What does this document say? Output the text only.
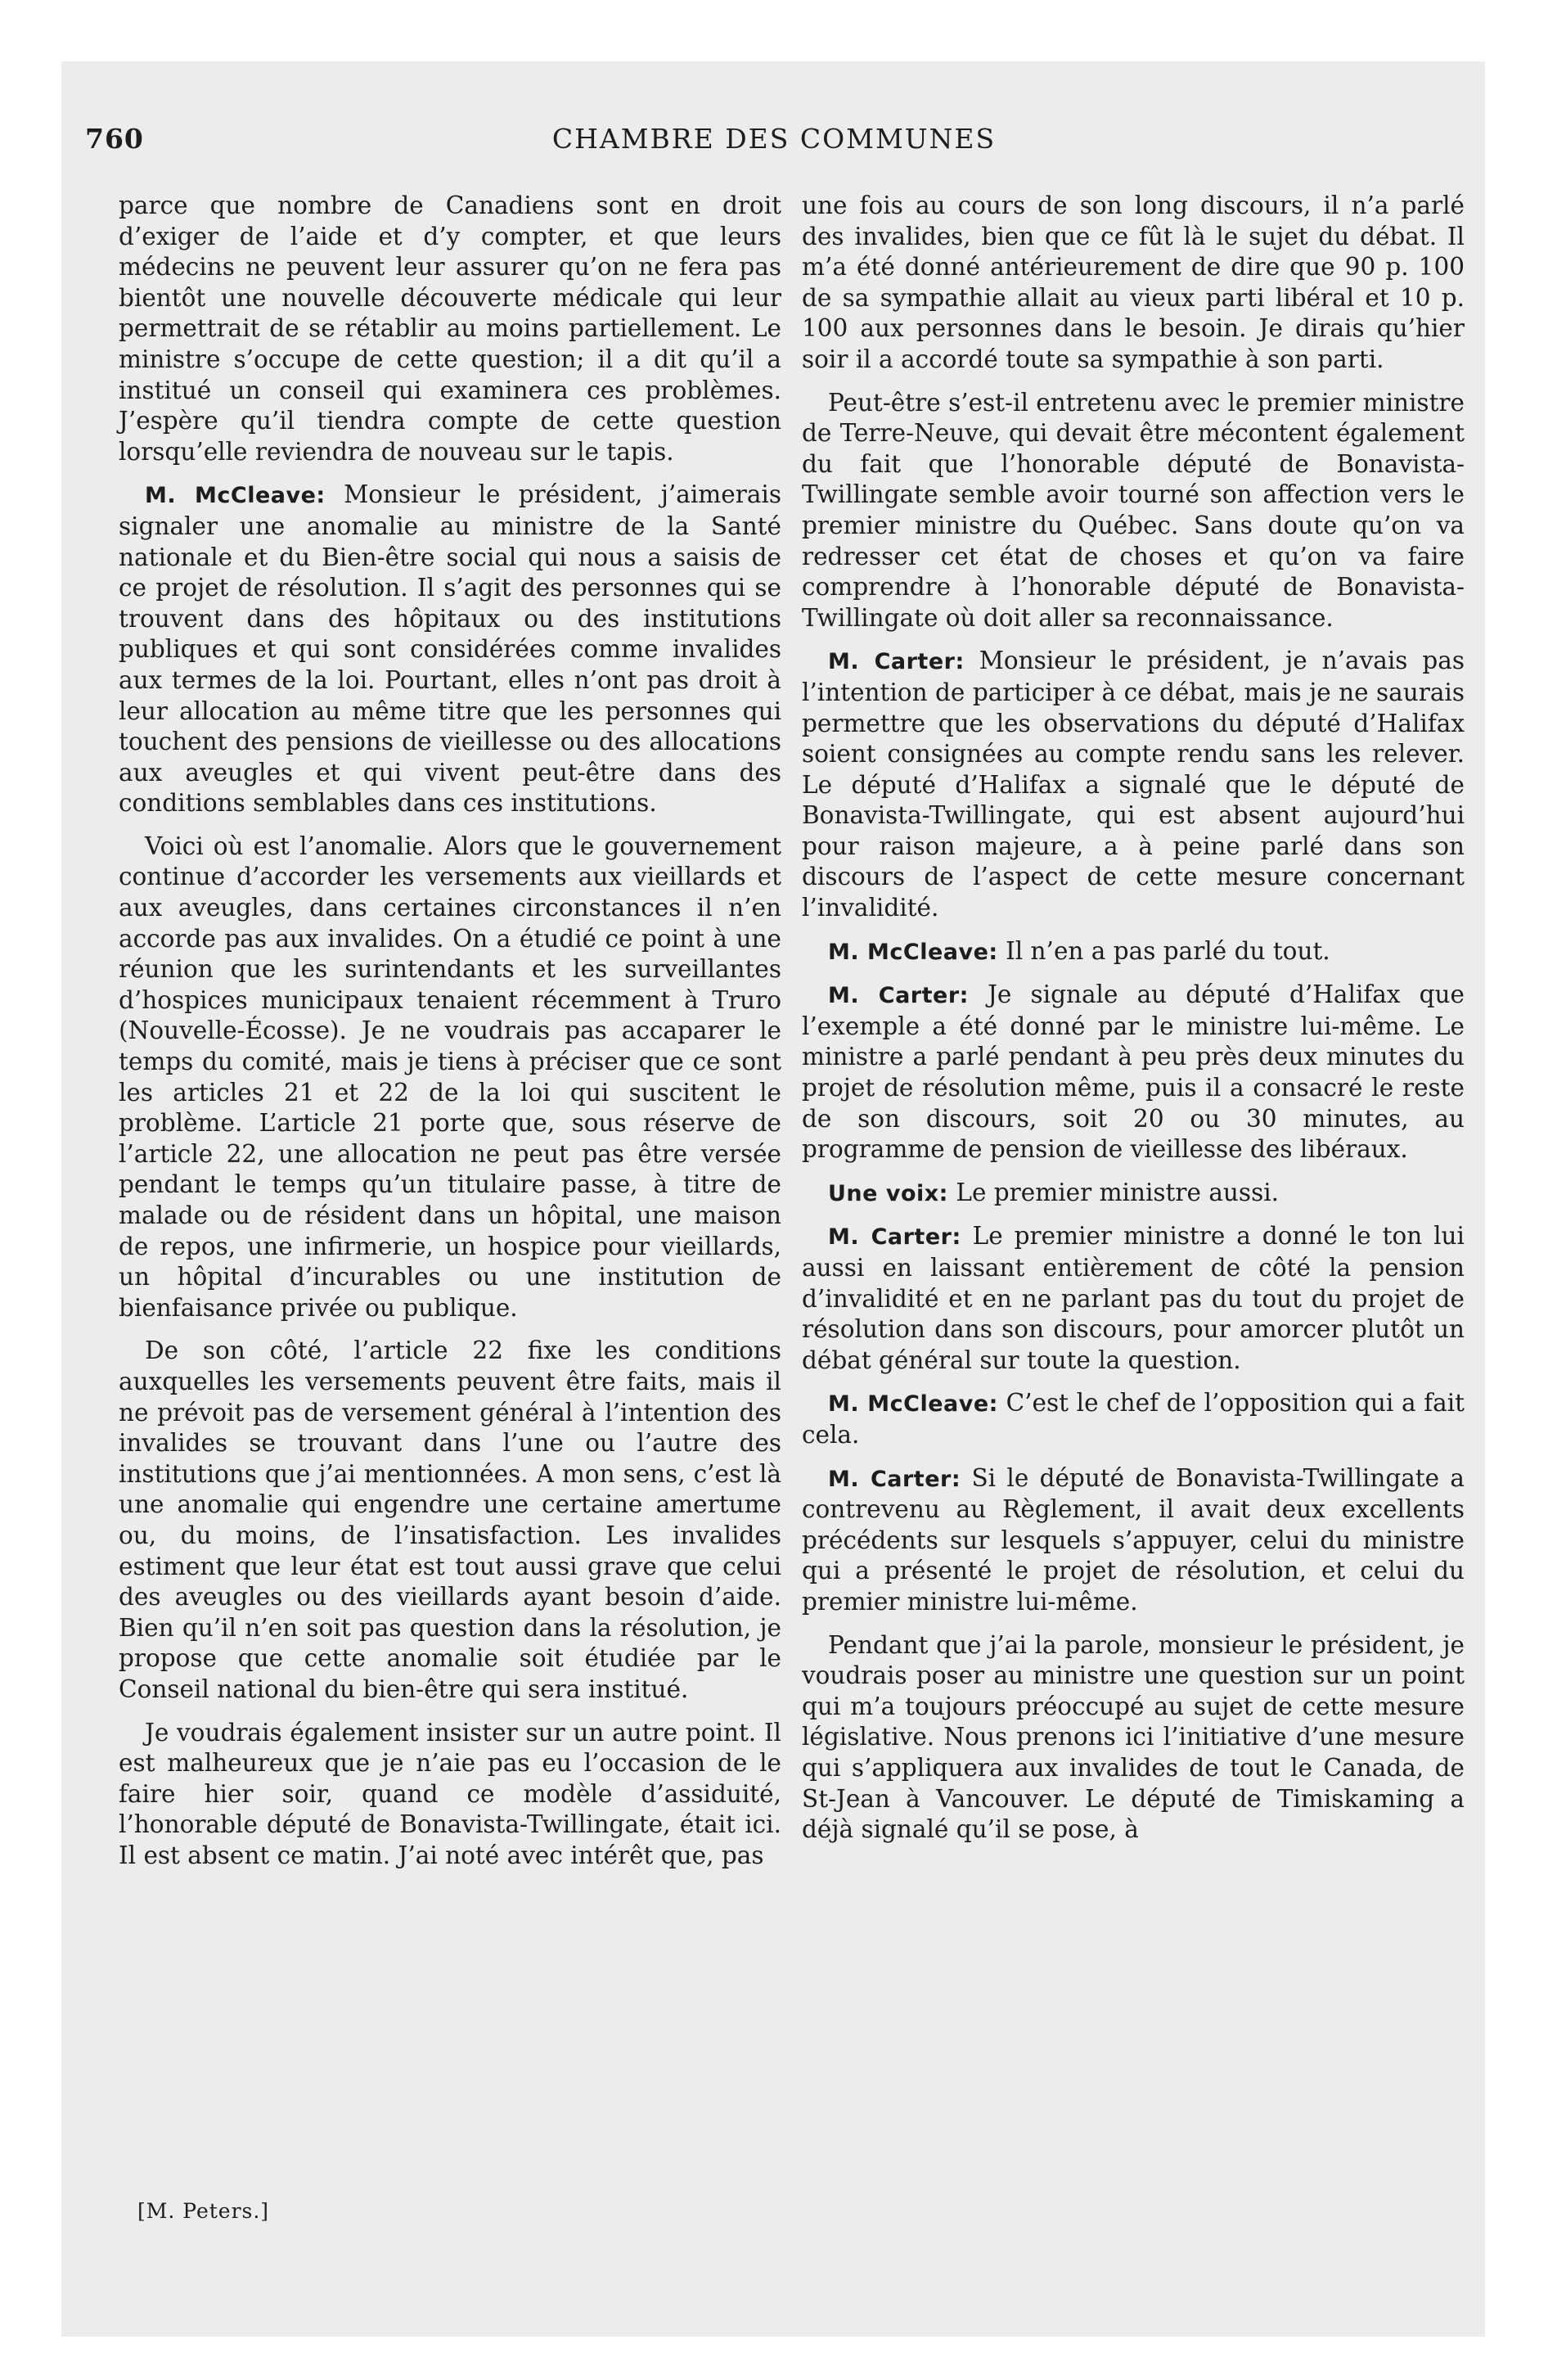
760	CHAMBRE DES COMMUNES

parce que nombre de Canadiens sont en droit d’exiger de l’aide et d’y compter, et que leurs médecins ne peuvent leur assurer qu’on ne fera pas bientôt une nouvelle découverte médicale qui leur permettrait de se rétablir au moins partiellement. Le ministre s’occupe de cette question; il a dit qu’il a institué un conseil qui examinera ces problèmes. J’espère qu’il tiendra compte de cette question lorsqu’elle reviendra de nouveau sur le tapis.

M. McCleave: Monsieur le président, j’aimerais signaler une anomalie au ministre de la Santé nationale et du Bien-être social qui nous a saisis de ce projet de résolution. Il s’agit des personnes qui se trouvent dans des hôpitaux ou des institutions publiques et qui sont considérées comme invalides aux termes de la loi. Pourtant, elles n’ont pas droit à leur allocation au même titre que les personnes qui touchent des pensions de vieillesse ou des allocations aux aveugles et qui vivent peut-être dans des conditions semblables dans ces institutions.

Voici où est l’anomalie. Alors que le gouvernement continue d’accorder les versements aux vieillards et aux aveugles, dans certaines circonstances il n’en accorde pas aux invalides. On a étudié ce point à une réunion que les surintendants et les surveillantes d’hospices municipaux tenaient récemment à Truro (Nouvelle-Écosse). Je ne voudrais pas accaparer le temps du comité, mais je tiens à préciser que ce sont les articles 21 et 22 de la loi qui suscitent le problème. L’article 21 porte que, sous réserve de l’article 22, une allocation ne peut pas être versée pendant le temps qu’un titulaire passe, à titre de malade ou de résident dans un hôpital, une maison de repos, une infirmerie, un hospice pour vieillards, un hôpital d’incurables ou une institution de bienfaisance privée ou publique.

De son côté, l’article 22 fixe les conditions auxquelles les versements peuvent être faits, mais il ne prévoit pas de versement général à l’intention des invalides se trouvant dans l’une ou l’autre des institutions que j’ai mentionnées. A mon sens, c’est là une anomalie qui engendre une certaine amertume ou, du moins, de l’insatisfaction. Les invalides estiment que leur état est tout aussi grave que celui des aveugles ou des vieillards ayant besoin d’aide. Bien qu’il n’en soit pas question dans la résolution, je propose que cette anomalie soit étudiée par le Conseil national du bien-être qui sera institué.

Je voudrais également insister sur un autre point. Il est malheureux que je n’aie pas eu l’occasion de le faire hier soir, quand ce modèle d’assiduité, l’honorable député de Bonavista-Twillingate, était ici. Il est absent ce matin. J’ai noté avec intérêt que, pas

une fois au cours de son long discours, il n’a parlé des invalides, bien que ce fût là le sujet du débat. Il m’a été donné antérieurement de dire que 90 p. 100 de sa sympathie allait au vieux parti libéral et 10 p. 100 aux personnes dans le besoin. Je dirais qu’hier soir il a accordé toute sa sympathie à son parti.

Peut-être s’est-il entretenu avec le premier ministre de Terre-Neuve, qui devait être mécontent également du fait que l’honorable député de Bonavista-Twillingate semble avoir tourné son affection vers le premier ministre du Québec. Sans doute qu’on va redresser cet état de choses et qu’on va faire comprendre à l’honorable député de Bonavista-Twillingate où doit aller sa reconnaissance.

M. Carter: Monsieur le président, je n’avais pas l’intention de participer à ce débat, mais je ne saurais permettre que les observations du député d’Halifax soient consignées au compte rendu sans les relever. Le député d’Halifax a signalé que le député de Bonavista-Twillingate, qui est absent aujourd’hui pour raison majeure, a à peine parlé dans son discours de l’aspect de cette mesure concernant l’invalidité.

M. McCleave: Il n’en a pas parlé du tout.

M. Carter: Je signale au député d’Halifax que l’exemple a été donné par le ministre lui-même. Le ministre a parlé pendant à peu près deux minutes du projet de résolution même, puis il a consacré le reste de son discours, soit 20 ou 30 minutes, au programme de pension de vieillesse des libéraux.

Une voix: Le premier ministre aussi.

M. Carter: Le premier ministre a donné le ton lui aussi en laissant entièrement de côté la pension d’invalidité et en ne parlant pas du tout du projet de résolution dans son discours, pour amorcer plutôt un débat général sur toute la question.

M. McCleave: C’est le chef de l’opposition qui a fait cela.

M. Carter: Si le député de Bonavista-Twillingate a contrevenu au Règlement, il avait deux excellents précédents sur lesquels s’appuyer, celui du ministre qui a présenté le projet de résolution, et celui du premier ministre lui-même.

Pendant que j’ai la parole, monsieur le président, je voudrais poser au ministre une question sur un point qui m’a toujours préoccupé au sujet de cette mesure législative. Nous prenons ici l’initiative d’une mesure qui s’appliquera aux invalides de tout le Canada, de St-Jean à Vancouver. Le député de Timiskaming a déjà signalé qu’il se pose, à

[M. Peters.]
